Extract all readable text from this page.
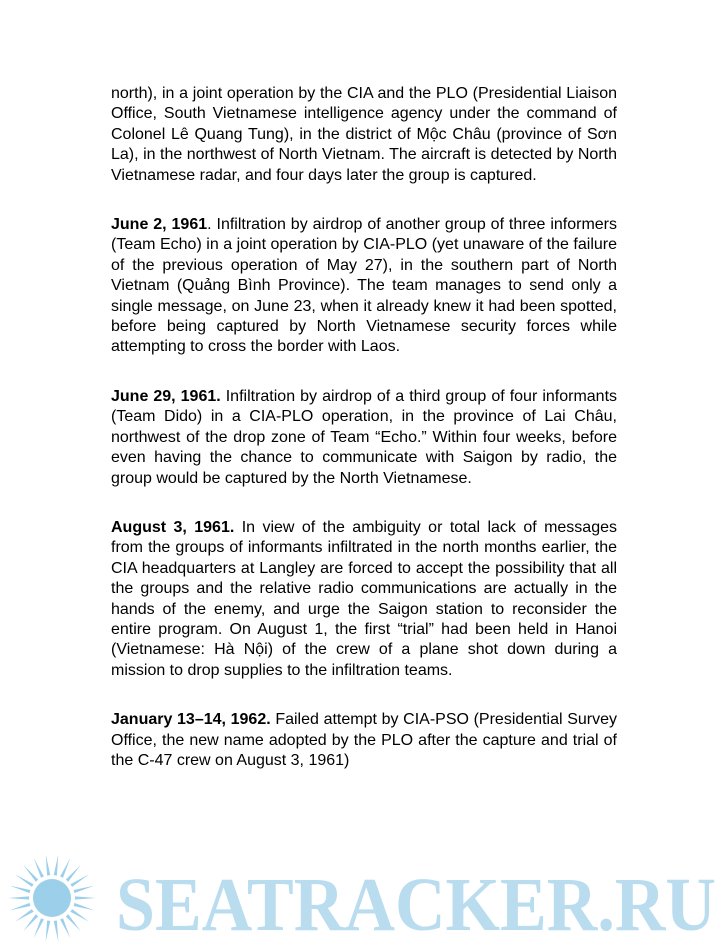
north), in a joint operation by the CIA and the PLO (Presidential Liaison Office, South Vietnamese intelligence agency under the command of Colonel Lê Quang Tung), in the district of Mộc Châu (province of Sơn La), in the northwest of North Vietnam. The aircraft is detected by North Vietnamese radar, and four days later the group is captured.

June 2, 1961. Infiltration by airdrop of another group of three informers (Team Echo) in a joint operation by CIA-PLO (yet unaware of the failure of the previous operation of May 27), in the southern part of North Vietnam (Quảng Bình Province). The team manages to send only a single message, on June 23, when it already knew it had been spotted, before being captured by North Vietnamese security forces while attempting to cross the border with Laos.

June 29, 1961. Infiltration by airdrop of a third group of four informants (Team Dido) in a CIA-PLO operation, in the province of Lai Châu, northwest of the drop zone of Team “Echo.” Within four weeks, before even having the chance to communicate with Saigon by radio, the group would be captured by the North Vietnamese.

August 3, 1961. In view of the ambiguity or total lack of messages from the groups of informants infiltrated in the north months earlier, the CIA headquarters at Langley are forced to accept the possibility that all the groups and the relative radio communications are actually in the hands of the enemy, and urge the Saigon station to reconsider the entire program. On August 1, the first “trial” had been held in Hanoi (Vietnamese: Hà Nội) of the crew of a plane shot down during a mission to drop supplies to the infiltration teams.

January 13–14, 1962. Failed attempt by CIA-PSO (Presidential Survey Office, the new name adopted by the PLO after the capture and trial of the C-47 crew on August 3, 1961)

SEATRACKER.RU
